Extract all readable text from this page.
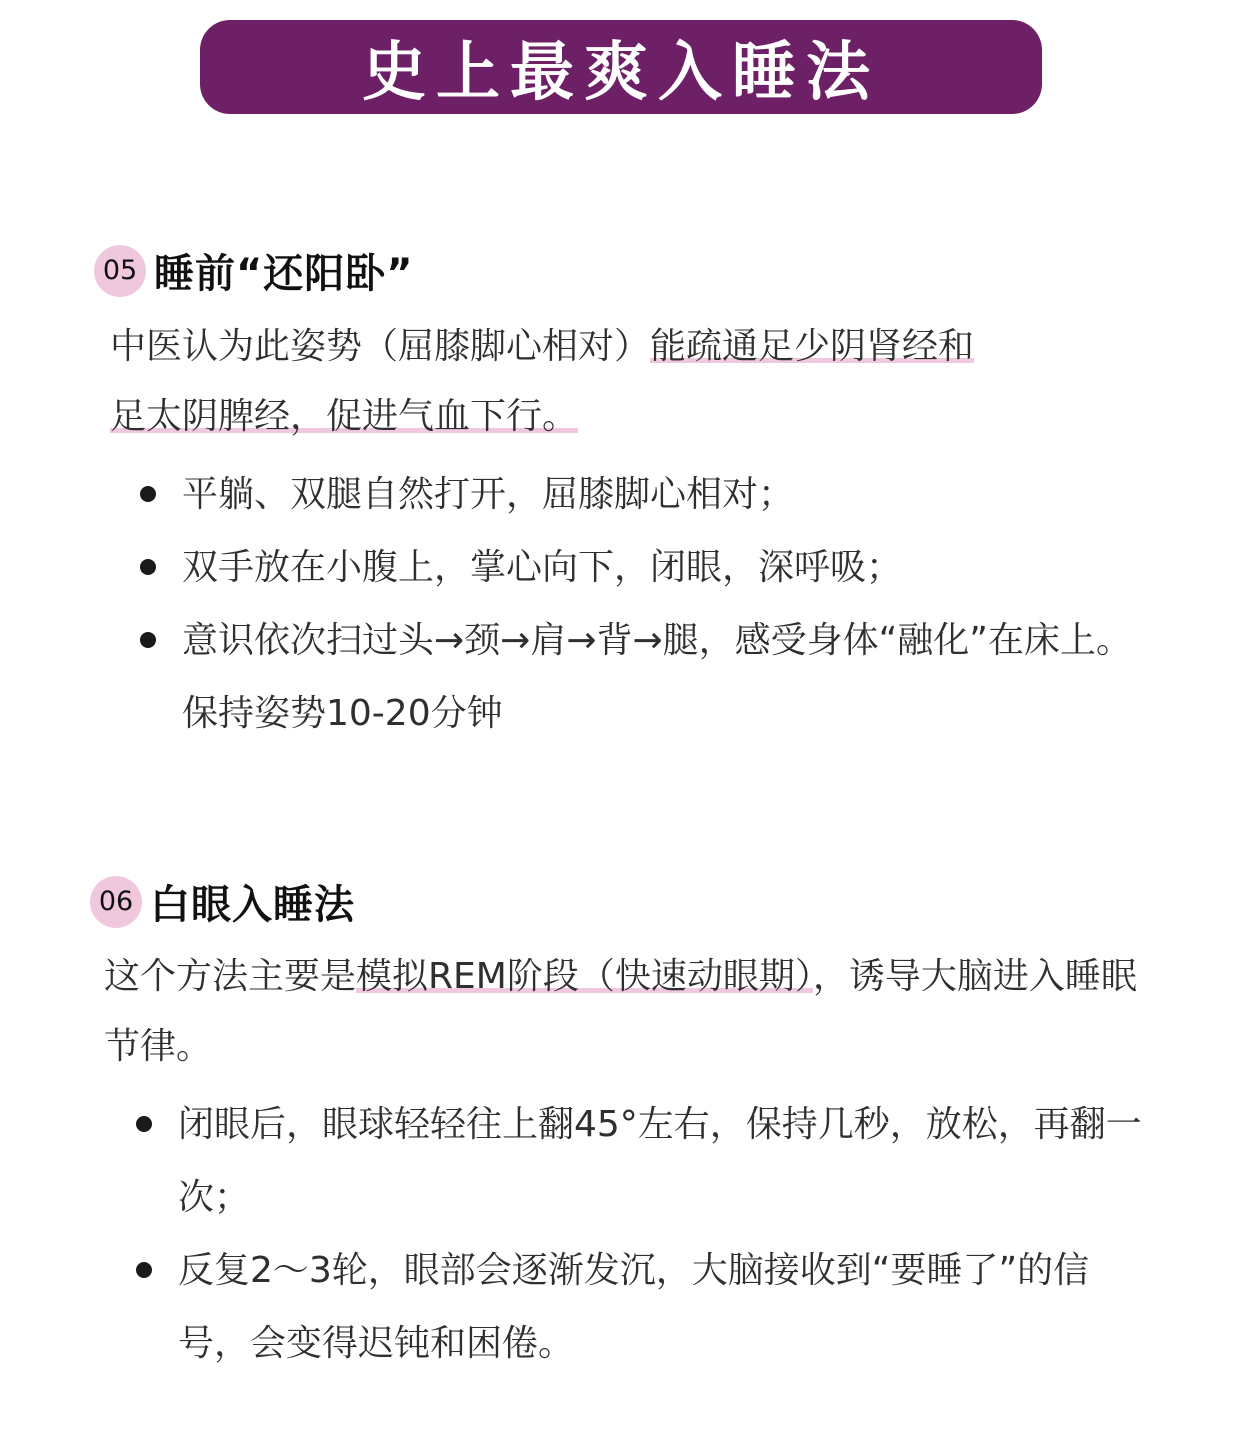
史上最爽入睡法
05 睡前“还阳卧”

中医认为此姿势（屈膝脚心相对）能疏通足少阴肾经和
足太阴脾经，促进气血下行。

平躺、双腿自然打开，屈膝脚心相对；
双手放在小腹上，掌心向下，闭眼，深呼吸；
意识依次扫过头→颈→肩→背→腿，感受身体“融化”在床上。保持姿势10-20分钟
06 白眼入睡法

这个方法主要是模拟REM阶段（快速动眼期），诱导大脑进入睡眠节律。

闭眼后，眼球轻轻往上翻45°左右，保持几秒，放松，再翻一次；
反复2～3轮，眼部会逐渐发沉，大脑接收到“要睡了”的信号，会变得迟钝和困倦。
